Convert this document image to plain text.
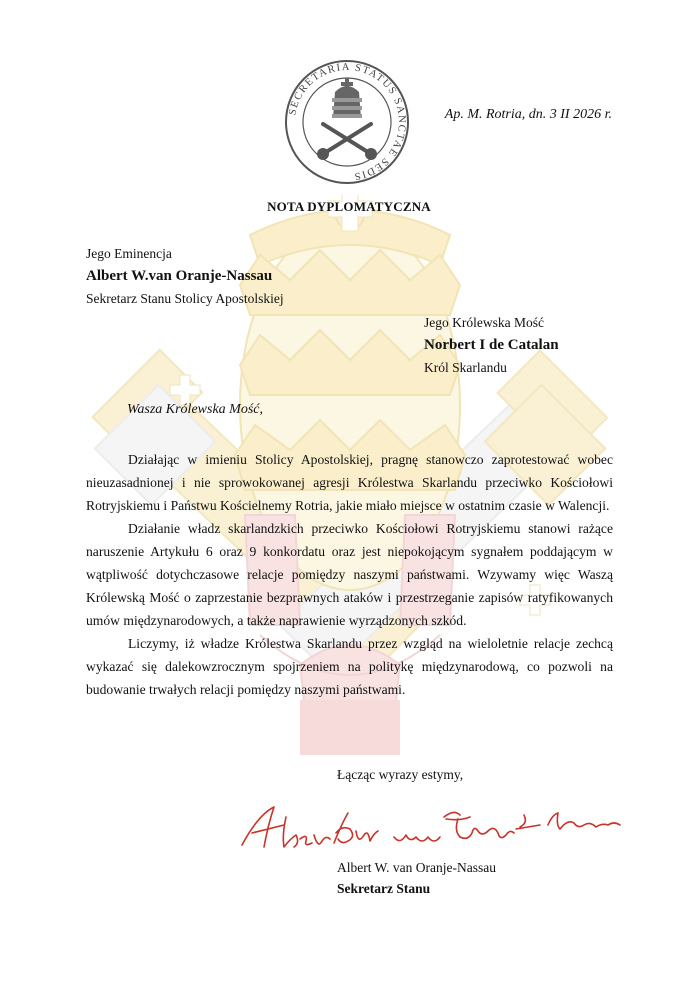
SECRETARIA STATUS SANCTAE SEDIS
Ap. M. Rotria, dn. 3 II 2026 r.
NOTA DYPLOMATYCZNA
Jego Eminencja
Albert W.van Oranje-Nassau
Sekretarz Stanu Stolicy Apostolskiej
Jego Królewska Mość
Norbert I de Catalan
Król Skarlandu
Wasza Królewska Mość,

Działając w imieniu Stolicy Apostolskiej, pragnę stanowczo zaprotestować wobec nieuzasadnionej i nie sprowokowanej agresji Królestwa Skarlandu przeciwko Kościołowi Rotryjskiemu i Państwu Kościelnemy Rotria, jakie miało miejsce w ostatnim czasie w Walencji.

Działanie władz skarlandzkich przeciwko Kościołowi Rotryjskiemu stanowi rażące naruszenie Artykułu 6 oraz 9 konkordatu oraz jest niepokojącym sygnałem poddającym w wątpliwość dotychczasowe relacje pomiędzy naszymi państwami. Wzywamy więc Waszą Królewską Mość o zaprzestanie bezprawnych ataków i przestrzeganie zapisów ratyfikowanych umów międzynarodowych, a także naprawienie wyrządzonych szkód.

Liczymy, iż władze Królestwa Skarlandu przez wzgląd na wieloletnie relacje zechcą wykazać się dalekowzrocznym spojrzeniem na politykę międzynarodową, co pozwoli na budowanie trwałych relacji pomiędzy naszymi państwami.

Łącząc wyrazy estymy,
Albert W. van Oranje-Nassau
Sekretarz Stanu
